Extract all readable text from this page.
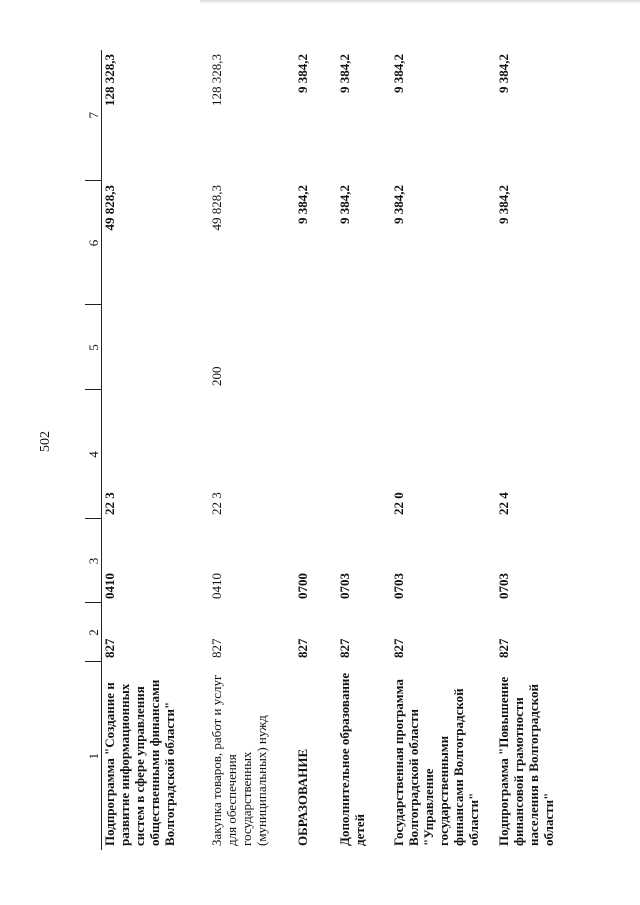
502
1	2	3	4	5	6	7
Подпрограмма "Создание и развитие информационных систем в сфере управления общественными финансами Волгоградской области"	827	0410	22 3		49 828,3	128 328,3
Закупка товаров, работ и услуг для обеспечения государственных (муниципальных) нужд	827	0410	22 3	200	49 828,3	128 328,3
ОБРАЗОВАНИЕ	827	0700			9 384,2	9 384,2
Дополнительное образование детей	827	0703			9 384,2	9 384,2
Государственная программа Волгоградской области "Управление государственными финансами Волгоградской области"	827	0703	22 0		9 384,2	9 384,2
Подпрограмма "Повышение финансовой грамотности населения в Волгоградской области"	827	0703	22 4		9 384,2	9 384,2
